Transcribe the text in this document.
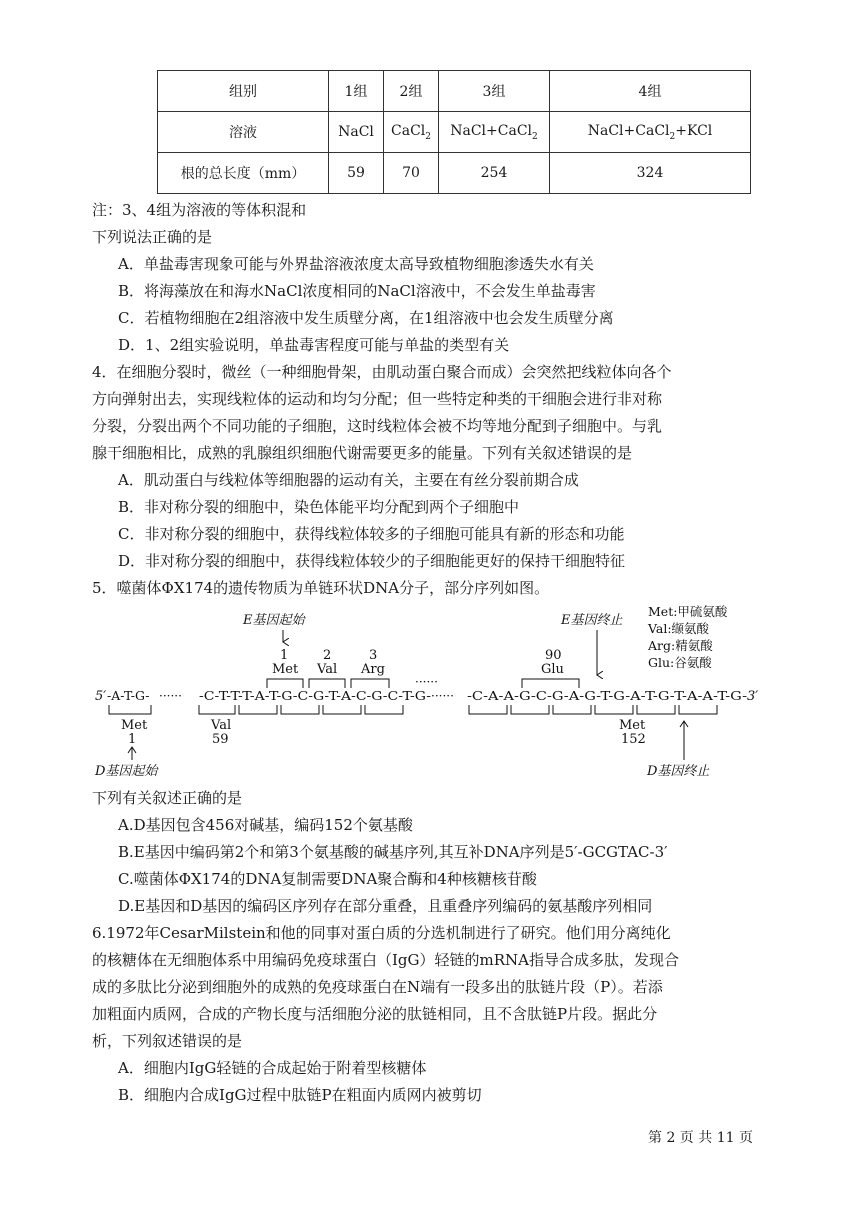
组别	1组	2组	3组	4组
溶液	NaCl	CaCl$_2$	NaCl+CaCl$_2$	NaCl+CaCl$_2$+KCl
根的总长度（mm）	59	70	254	324
注：3、4组为溶液的等体积混和
下列说法正确的是
A．单盐毒害现象可能与外界盐溶液浓度太高导致植物细胞渗透失水有关
B．将海藻放在和海水NaCl浓度相同的NaCl溶液中，不会发生单盐毒害
C．若植物细胞在2组溶液中发生质壁分离，在1组溶液中也会发生质壁分离
D．1、2组实验说明，单盐毒害程度可能与单盐的类型有关
4．在细胞分裂时，微丝（一种细胞骨架，由肌动蛋白聚合而成）会突然把线粒体向各个
方向弹射出去，实现线粒体的运动和均匀分配；但一些特定种类的干细胞会进行非对称
分裂，分裂出两个不同功能的子细胞，这时线粒体会被不均等地分配到子细胞中。与乳
腺干细胞相比，成熟的乳腺组织细胞代谢需要更多的能量。下列有关叙述错误的是
A．肌动蛋白与线粒体等细胞器的运动有关，主要在有丝分裂前期合成
B．非对称分裂的细胞中，染色体能平均分配到两个子细胞中
C．非对称分裂的细胞中，获得线粒体较多的子细胞可能具有新的形态和功能
D．非对称分裂的细胞中，获得线粒体较少的子细胞能更好的保持干细胞特征
5．噬菌体ΦX174的遗传物质为单链环状DNA分子，部分序列如图。
E基因起始
1	2	3	90
Met Val Arg	Glu
E基因终止
Met:甲硫氨酸
Val:缬氨酸
Arg:精氨酸
Glu:谷氨酸
······
5′ -A-T-G- ······ -C-T-T-T-A-T-G-C-G-T-A-C-G-C-T-G- ······ -C-A-A-G-C-G-A-G-T-G-A-T-G-T-A-A-T-G- 3′
Met	Val	Met
1	59	152
D基因起始	D基因终止
下列有关叙述正确的是
A.D基因包含456对碱基，编码152个氨基酸
B.E基因中编码第2个和第3个氨基酸的碱基序列,其互补DNA序列是5′-GCGTAC-3′
C.噬菌体ΦX174的DNA复制需要DNA聚合酶和4种核糖核苷酸
D.E基因和D基因的编码区序列存在部分重叠，且重叠序列编码的氨基酸序列相同
6.1972年CesarMilstein和他的同事对蛋白质的分选机制进行了研究。他们用分离纯化
的核糖体在无细胞体系中用编码免疫球蛋白（IgG）轻链的mRNA指导合成多肽，发现合
成的多肽比分泌到细胞外的成熟的免疫球蛋白在N端有一段多出的肽链片段（P）。若添
加粗面内质网，合成的产物长度与活细胞分泌的肽链相同，且不含肽链P片段。据此分
析，下列叙述错误的是
A．细胞内IgG轻链的合成起始于附着型核糖体
B．细胞内合成IgG过程中肽链P在粗面内质网内被剪切
第 2 页 共 11 页
